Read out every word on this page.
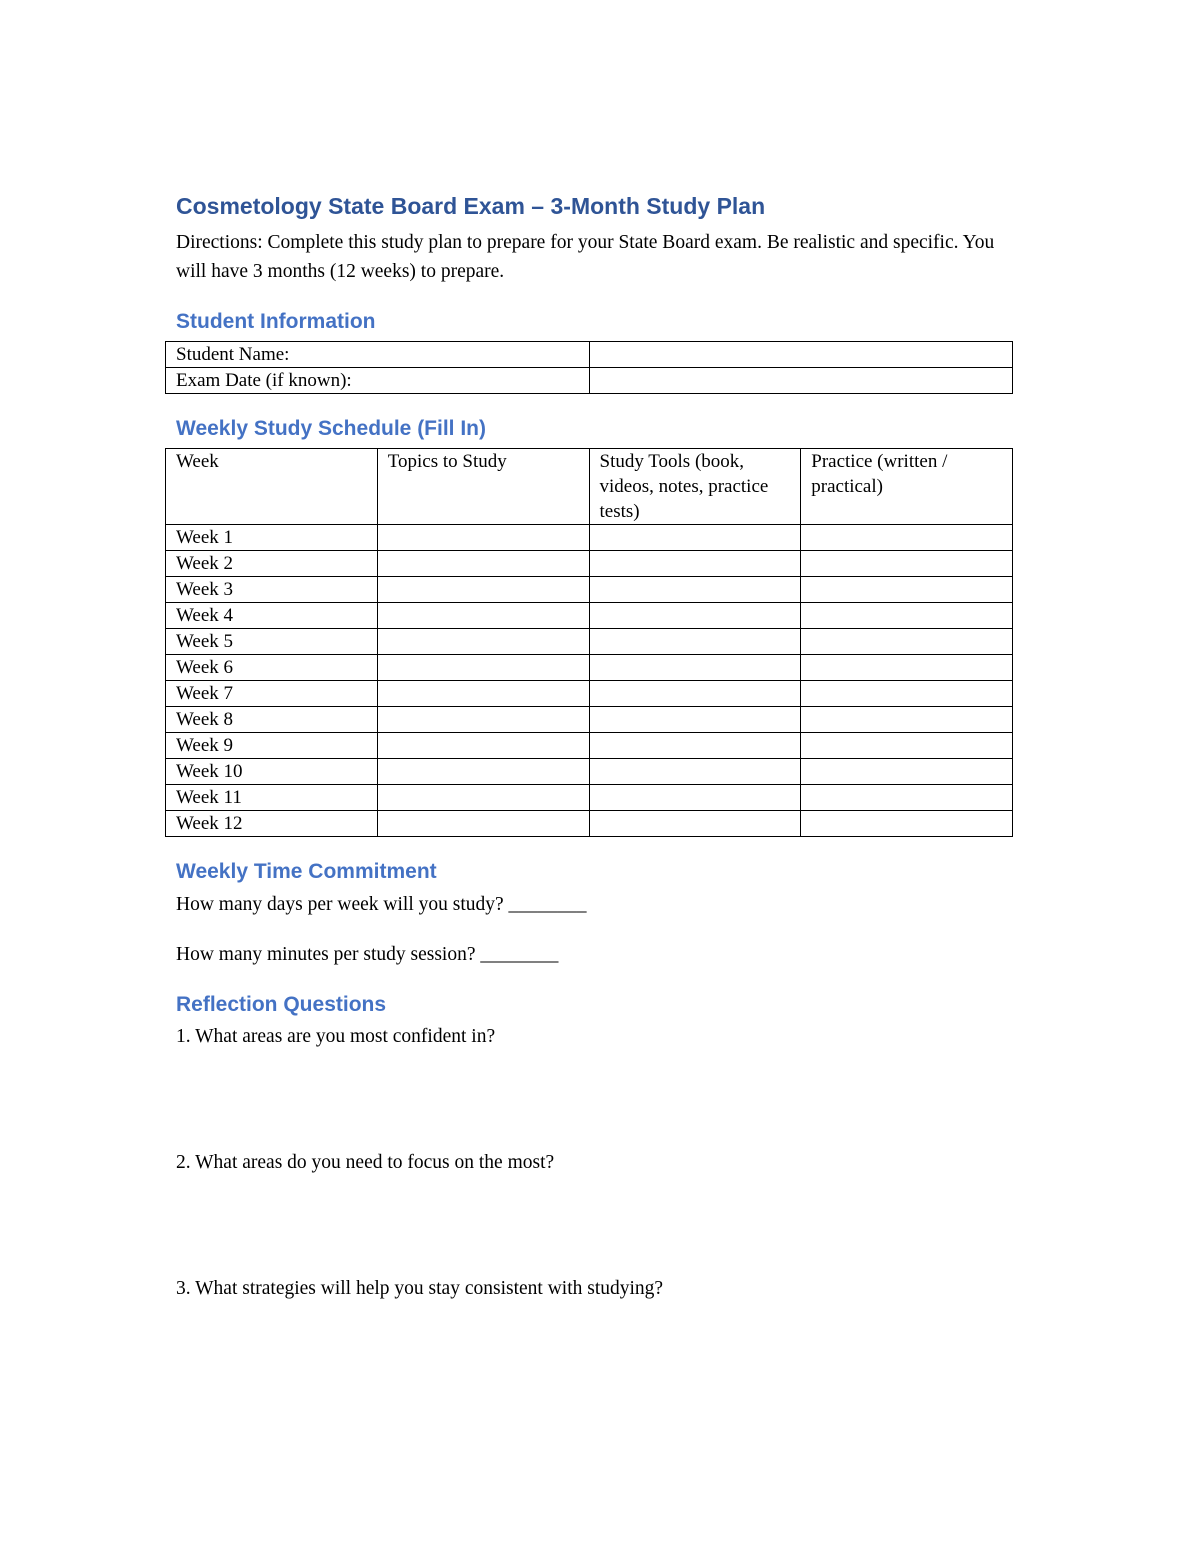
Cosmetology State Board Exam – 3-Month Study Plan

Directions: Complete this study plan to prepare for your State Board exam. Be realistic and specific. You will have 3 months (12 weeks) to prepare.

Student Information
Student Name:	
Exam Date (if known):	
Weekly Study Schedule (Fill In)
Week	Topics to Study	Study Tools (book, videos, notes, practice tests)	Practice (written / practical)
Week 1			
Week 2			
Week 3			
Week 4			
Week 5			
Week 6			
Week 7			
Week 8			
Week 9			
Week 10			
Week 11			
Week 12			
Weekly Time Commitment

How many days per week will you study? ________

How many minutes per study session? ________

Reflection Questions

1. What areas are you most confident in?

2. What areas do you need to focus on the most?

3. What strategies will help you stay consistent with studying?
